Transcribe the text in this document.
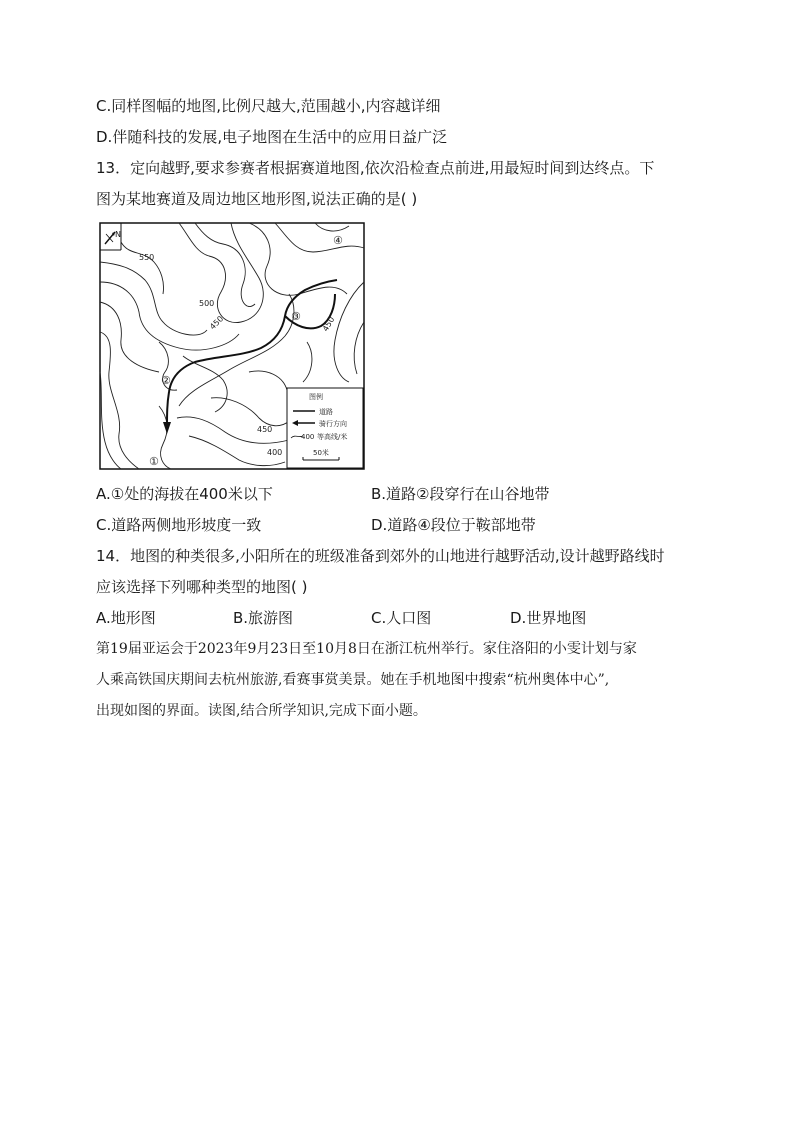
C.同样图幅的地图,比例尺越大,范围越小,内容越详细
D.伴随科技的发展,电子地图在生活中的应用日益广泛
13．定向越野,要求参赛者根据赛道地图,依次沿检查点前进,用最短时间到达终点。下
图为某地赛道及周边地区地形图,说法正确的是( )
N
550
500
450	450
450
400
④
③
②
①
图例
道路
骑行方向
400 等高线/米
50米
A.①处的海拔在400米以下	B.道路②段穿行在山谷地带
C.道路两侧地形坡度一致	D.道路④段位于鞍部地带
14．地图的种类很多,小阳所在的班级准备到郊外的山地进行越野活动,设计越野路线时
应该选择下列哪种类型的地图( )
A.地形图	B.旅游图	C.人口图	D.世界地图
第19届亚运会于2023年9月23日至10月8日在浙江杭州举行。家住洛阳的小雯计划与家
人乘高铁国庆期间去杭州旅游,看赛事赏美景。她在手机地图中搜索“杭州奥体中心”,
出现如图的界面。读图,结合所学知识,完成下面小题。
